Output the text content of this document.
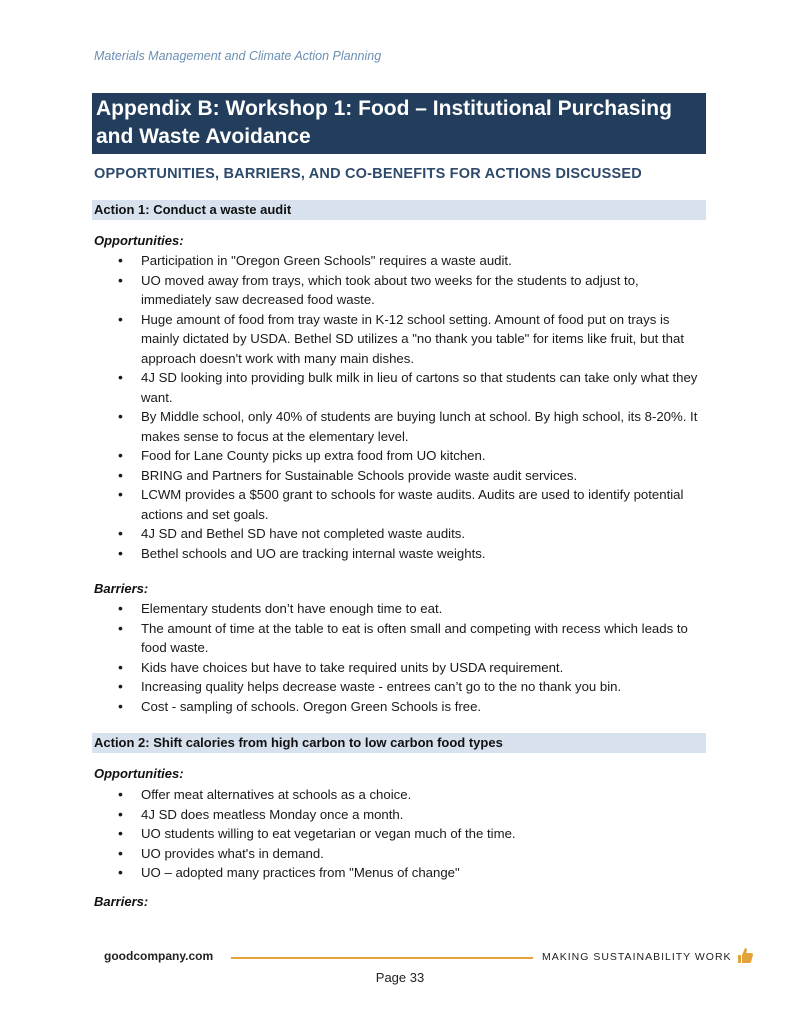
Materials Management and Climate Action Planning
Appendix B: Workshop 1: Food – Institutional Purchasing and Waste Avoidance
OPPORTUNITIES, BARRIERS, AND CO-BENEFITS FOR ACTIONS DISCUSSED
Action 1: Conduct a waste audit
Opportunities:
• Participation in "Oregon Green Schools" requires a waste audit.
• UO moved away from trays, which took about two weeks for the students to adjust to, immediately saw decreased food waste.
• Huge amount of food from tray waste in K-12 school setting. Amount of food put on trays is mainly dictated by USDA. Bethel SD utilizes a "no thank you table" for items like fruit, but that approach doesn't work with many main dishes.
• 4J SD looking into providing bulk milk in lieu of cartons so that students can take only what they want.
• By Middle school, only 40% of students are buying lunch at school. By high school, its 8-20%. It makes sense to focus at the elementary level.
• Food for Lane County picks up extra food from UO kitchen.
• BRING and Partners for Sustainable Schools provide waste audit services.
• LCWM provides a $500 grant to schools for waste audits. Audits are used to identify potential actions and set goals.
• 4J SD and Bethel SD have not completed waste audits.
• Bethel schools and UO are tracking internal waste weights.
Barriers:
• Elementary students don’t have enough time to eat.
• The amount of time at the table to eat is often small and competing with recess which leads to food waste.
• Kids have choices but have to take required units by USDA requirement.
• Increasing quality helps decrease waste - entrees can’t go to the no thank you bin.
• Cost - sampling of schools. Oregon Green Schools is free.
Action 2: Shift calories from high carbon to low carbon food types
Opportunities:
• Offer meat alternatives at schools as a choice.
• 4J SD does meatless Monday once a month.
• UO students willing to eat vegetarian or vegan much of the time.
• UO provides what's in demand.
• UO – adopted many practices from "Menus of change"
Barriers:
goodcompany.com	MAKING SUSTAINABILITY WORK
Page 33
